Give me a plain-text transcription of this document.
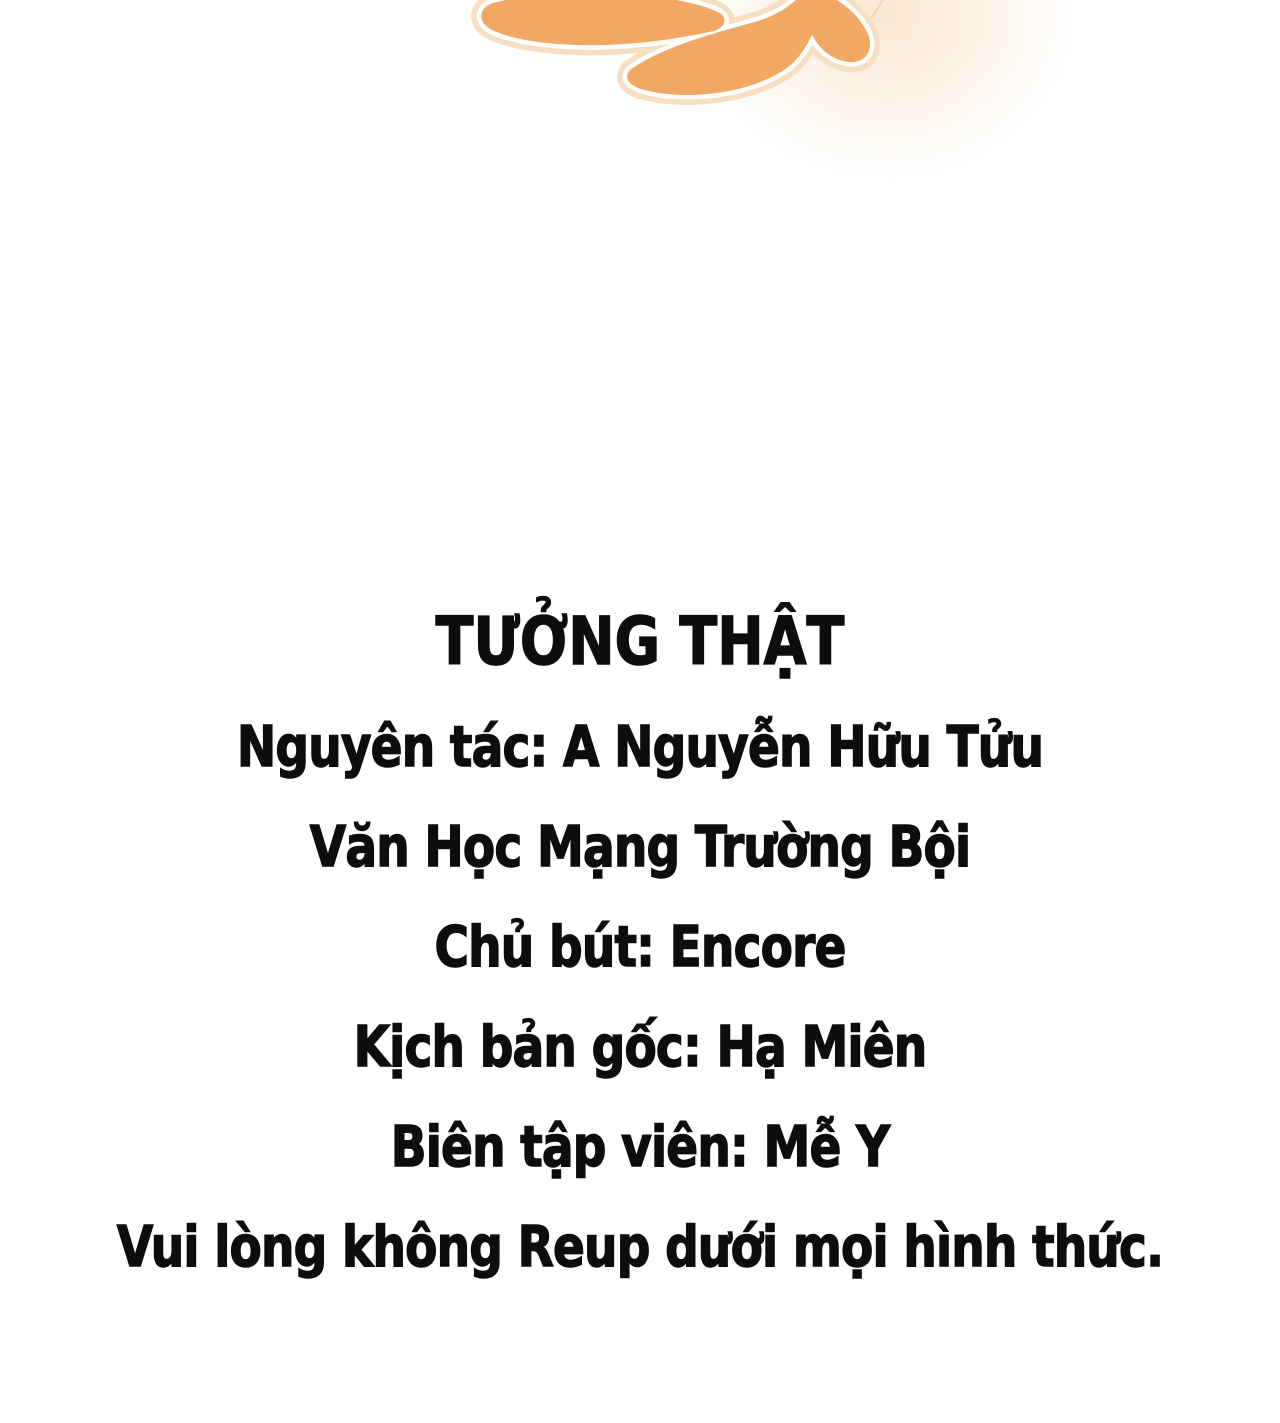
TƯỞNG THẬT
Nguyên tác: A Nguyễn Hữu Tửu
Văn Học Mạng Trường Bội
Chủ bút: Encore
Kịch bản gốc: Hạ Miên
Biên tập viên: Mễ Y
Vui lòng không Reup dưới mọi hình thức.
